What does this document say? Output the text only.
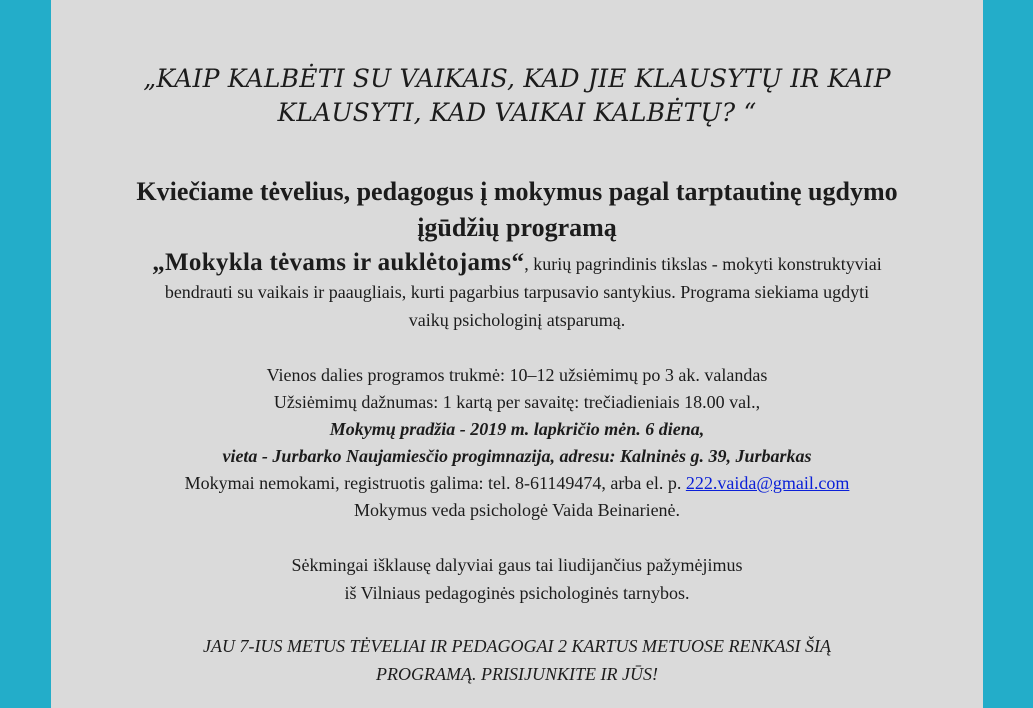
„KAIP KALBĖTI SU VAIKAIS, KAD JIE KLAUSYTŲ IR KAIP
KLAUSYTI, KAD VAIKAI KALBĖTŲ? “
Kviečiame tėvelius, pedagogus į mokymus pagal tarptautinę ugdymo
įgūdžių programą
„Mokykla tėvams ir auklėtojams“, kurių pagrindinis tikslas - mokyti konstruktyviai
bendrauti su vaikais ir paaugliais, kurti pagarbius tarpusavio santykius. Programa siekiama ugdyti
vaikų psichologinį atsparumą.
Vienos dalies programos trukmė: 10–12 užsiėmimų po 3 ak. valandas
Užsiėmimų dažnumas: 1 kartą per savaitę: trečiadieniais 18.00 val.,
Mokymų pradžia - 2019 m. lapkričio mėn. 6 diena,
vieta - Jurbarko Naujamiesčio progimnazija, adresu: Kalninės g. 39, Jurbarkas
Mokymai nemokami, registruotis galima: tel. 8-61149474, arba el. p. 222.vaida@gmail.com
Mokymus veda psichologė Vaida Beinarienė.
Sėkmingai išklausę dalyviai gaus tai liudijančius pažymėjimus
iš Vilniaus pedagoginės psichologinės tarnybos.
JAU 7-IUS METUS TĖVELIAI IR PEDAGOGAI 2 KARTUS METUOSE RENKASI ŠIĄ
PROGRAMĄ. PRISIJUNKITE IR JŪS!
